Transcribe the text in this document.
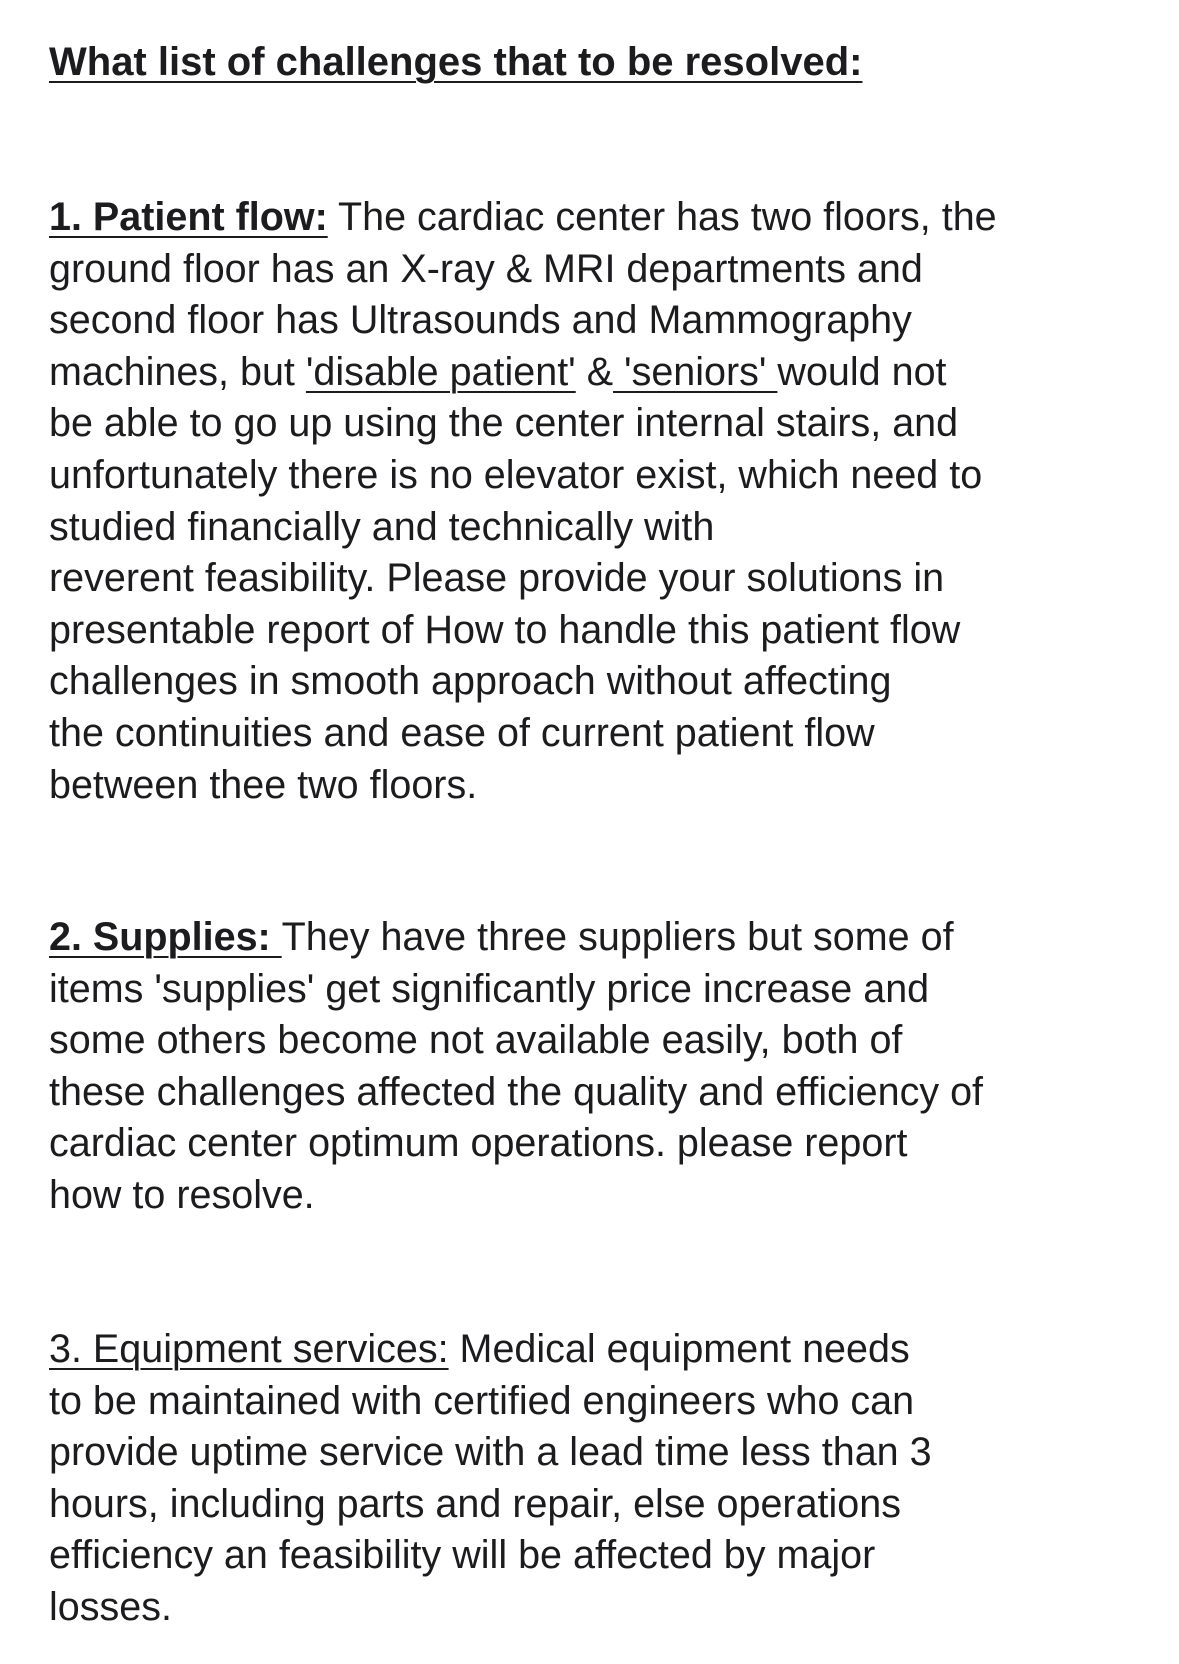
What list of challenges that to be resolved:

1. Patient flow: The cardiac center has two floors, the
ground floor has an X-ray & MRI departments and
second floor has Ultrasounds and Mammography
machines, but 'disable patient' & 'seniors' would not
be able to go up using the center internal stairs, and
unfortunately there is no elevator exist, which need to
studied financially and technically with
reverent feasibility. Please provide your solutions in
presentable report of How to handle this patient flow
challenges in smooth approach without affecting
the continuities and ease of current patient flow
between thee two floors.

2. Supplies: They have three suppliers but some of
items 'supplies' get significantly price increase and
some others become not available easily, both of
these challenges affected the quality and efficiency of
cardiac center optimum operations. please report
how to resolve.

3. Equipment services: Medical equipment needs
to be maintained with certified engineers who can
provide uptime service with a lead time less than 3
hours, including parts and repair, else operations
efficiency an feasibility will be affected by major
losses.
